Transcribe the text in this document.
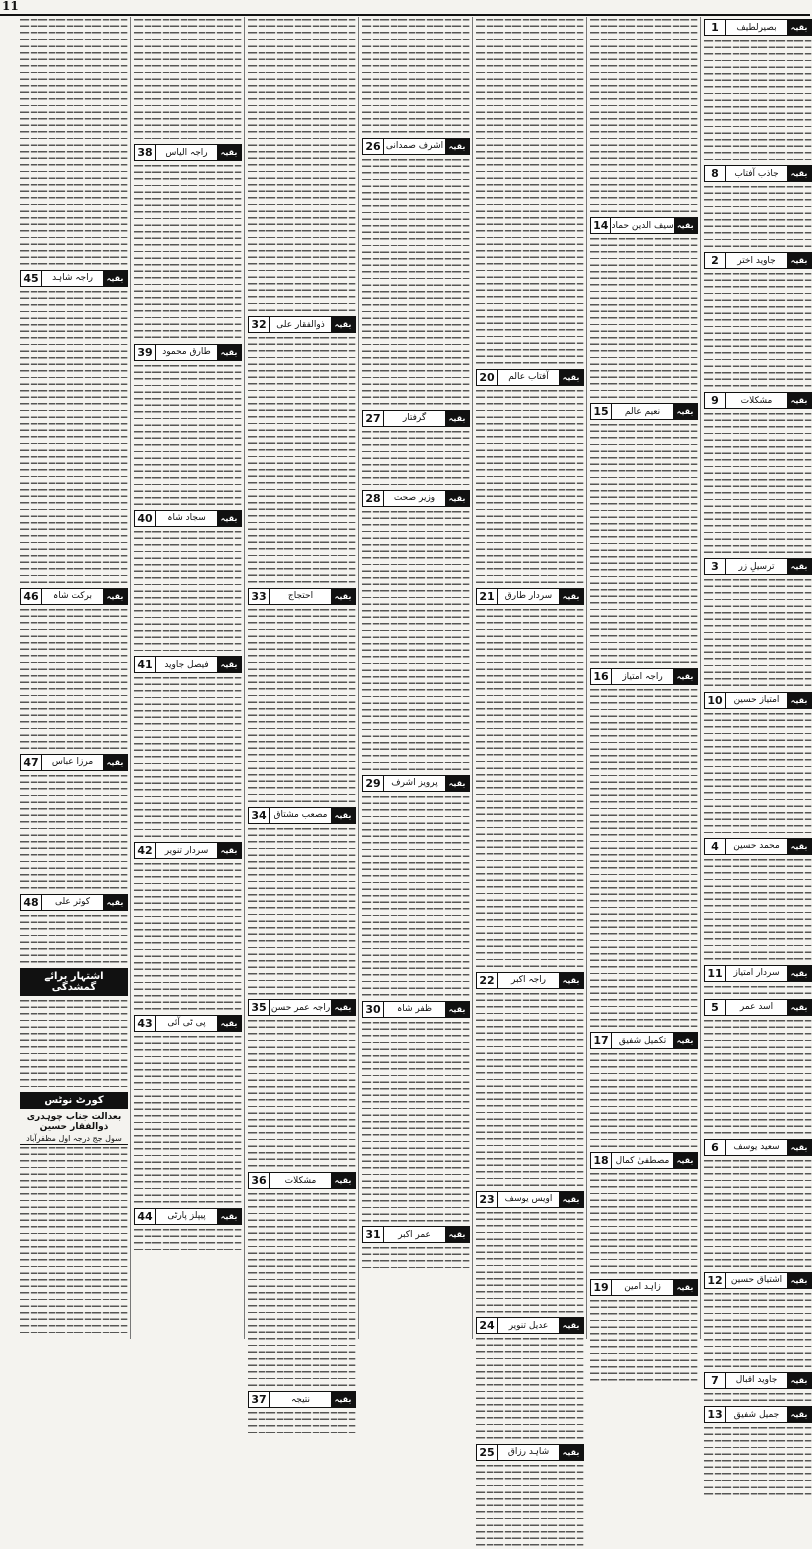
11
1	بصیرلطیف	بقیہ
8	جاذب آفتاب	بقیہ
2	جاوید اختر	بقیہ
9	مشکلات	بقیہ
3	ترسیلِ زر	بقیہ
10	امتیاز حسین	بقیہ
4	محمد حسین	بقیہ
11	سردار امتیاز	بقیہ
5	اسد عمر	بقیہ
6	سعید یوسف	بقیہ
12 اشتیاق حسین	بقیہ
7	جاوید اقبال	بقیہ
13	جمیل شفیق	بقیہ
14 سیف الدین حماد بقیہ
15	نعیم عالم	بقیہ
16	راجہ امتیاز	بقیہ
17	تکمیل شفیق	بقیہ
18 مصطفیٰ کمال بقیہ
19	زاہد امین	بقیہ
20	آفتاب عالم	بقیہ
21	سردار طارق	بقیہ
22	راجہ اکبر	بقیہ
23	اویس یوسف	بقیہ
24	عدیل تنویر	بقیہ
25	شاہد رزاق	بقیہ
26 اشرف صمدانی بقیہ
27	گرفتار	بقیہ
28	وزیر صحت	بقیہ
29	پرویز اشرف	بقیہ
30	ظفر شاہ	بقیہ
31	عمر اکبر	بقیہ
32	ذوالفقار علی	بقیہ
33	احتجاج	بقیہ
34 مصعب مشتاق بقیہ
35 راجہ عمر حسن بقیہ
36	مشکلات	بقیہ
37	نتیجہ	بقیہ
38	راجہ الیاس	بقیہ
39	طارق محمود	بقیہ
40	سجاد شاہ	بقیہ
41	فیصل جاوید	بقیہ
42	سردار تنویر	بقیہ
43	پی ٹی آئی	بقیہ
44	پیپلز پارٹی	بقیہ
45	راجہ شاہد	بقیہ
46	برکت شاہ	بقیہ
47	مرزا عباس	بقیہ
48	کوثر علی	بقیہ
اشتہار برائے گمشدگی
کورٹ نوٹس
بعدالت جناب چوہدری ذوالفقار حسین
سول جج درجہ اول مظفرآباد
